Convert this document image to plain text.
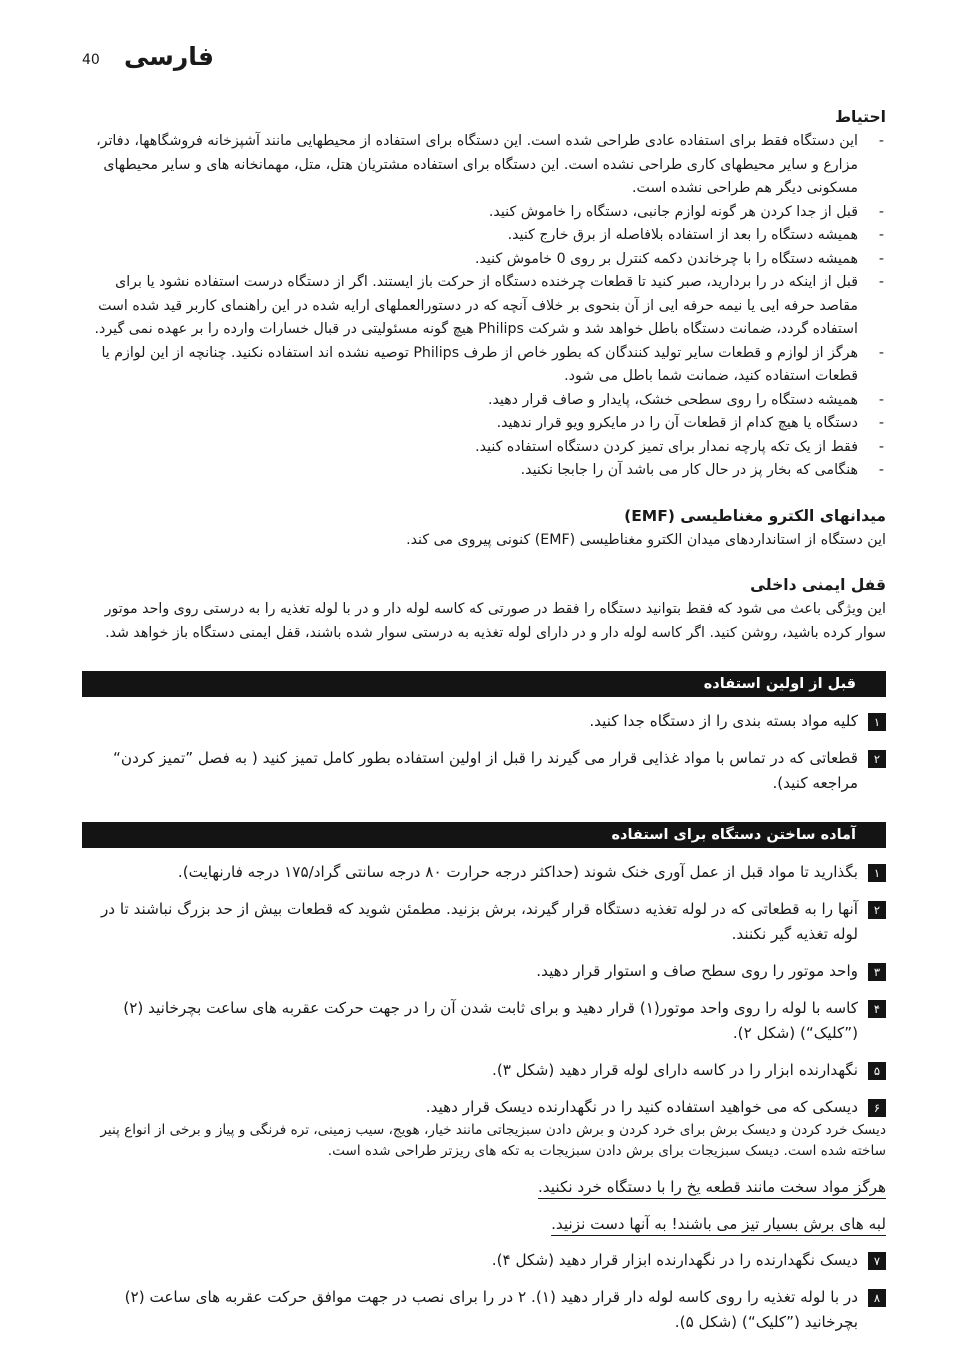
40 فارسی
احتیاط
-
این دستگاه فقط برای استفاده عادی طراحی شده است. این دستگاه برای استفاده از محیطهایی مانند آشپزخانه فروشگاهها، دفاتر، مزارع و سایر محیطهای کاری طراحی نشده است. این دستگاه برای استفاده مشتریان هتل، متل، مهمانخانه های و سایر محیطهای مسکونی دیگر هم طراحی نشده است.
-
قبل از جدا کردن هر گونه لوازم جانبی، دستگاه را خاموش کنید.
-
همیشه دستگاه را بعد از استفاده بلافاصله از برق خارج کنید.
-
همیشه دستگاه را با چرخاندن دکمه کنترل بر روی 0 خاموش کنید.
-
قبل از اینکه در را بردارید، صبر کنید تا قطعات چرخنده دستگاه از حرکت باز ایستند. اگر از دستگاه درست استفاده نشود یا برای مقاصد حرفه ایی یا نیمه حرفه ایی از آن بنحوی بر خلاف آنچه که در دستورالعملهای ارایه شده در این راهنمای کاربر قید شده است استفاده گردد، ضمانت دستگاه باطل خواهد شد و شرکت Philips هیچ گونه مسئولیتی در قبال خسارات وارده را بر عهده نمی گیرد.
-
هرگز از لوازم و قطعات سایر تولید کنندگان که بطور خاص از طرف Philips توصیه نشده اند استفاده نکنید. چنانچه از این لوازم یا قطعات استفاده کنید، ضمانت شما باطل می شود.
-
همیشه دستگاه را روی سطحی خشک، پایدار و صاف قرار دهید.
-
دستگاه یا هیچ کدام از قطعات آن را در مایکرو ویو قرار ندهید.
-
فقط از یک تکه پارچه نمدار برای تمیز کردن دستگاه استفاده کنید.
-
هنگامی که بخار پز در حال کار می باشد آن را جابجا نکنید.
میدانهای الکترو مغناطیسی (EMF)

این دستگاه از استانداردهای میدان الکترو مغناطیسی (EMF) کنونی پیروی می کند.

قفل ایمنی داخلی

این ویژگی باعث می شود که فقط بتوانید دستگاه را فقط در صورتی که کاسه لوله دار و در با لوله تغذیه را به درستی روی واحد موتور سوار کرده باشید، روشن کنید. اگر کاسه لوله دار و در دارای لوله تغذیه به درستی سوار شده باشند، قفل ایمنی دستگاه باز خواهد شد.

قبل از اولین استفاده
۱
کلیه مواد بسته بندی را از دستگاه جدا کنید.
۲
قطعاتی که در تماس با مواد غذایی قرار می گیرند را قبل از اولین استفاده بطور کامل تمیز کنید ( به فصل ”تمیز کردن“ مراجعه کنید).
آماده ساختن دستگاه برای استفاده
۱
بگذارید تا مواد قبل از عمل آوری خنک شوند (حداکثر درجه حرارت ۸۰ درجه سانتی گراد/۱۷۵ درجه فارنهایت).
۲
آنها را به قطعاتی که در لوله تغذیه دستگاه قرار گیرند، برش بزنید. مطمئن شوید که قطعات بیش از حد بزرگ نباشند تا در لوله تغذیه گیر نکنند.
۳
واحد موتور را روی سطح صاف و استوار قرار دهید.
۴
کاسه با لوله را روی واحد موتور(۱) قرار دهید و برای ثابت شدن آن را در جهت حرکت عقربه های ساعت بچرخانید (۲) (”کلیک“) (شکل ۲).
۵
نگهدارنده ابزار را در کاسه دارای لوله قرار دهید (شکل ۳).
۶
دیسکی که می خواهید استفاده کنید را در نگهدارنده دیسک قرار دهید.

دیسک خرد کردن و دیسک برش برای خرد کردن و برش دادن سبزیجاتی مانند خیار، هویج، سیب زمینی، تره فرنگی و پیاز و برخی از انواع پنیر ساخته شده است. دیسک سبزیجات برای برش دادن سبزیجات به تکه های ریزتر طراحی شده است.

هرگز مواد سخت مانند قطعه یخ را با دستگاه خرد نکنید.
لبه های برش بسیار تیز می باشند! به آنها دست نزنید.
۷
دیسک نگهدارنده را در نگهدارنده ابزار قرار دهید (شکل ۴).
۸
در با لوله تغذیه را روی کاسه لوله دار قرار دهید (۱). ۲ در را برای نصب در جهت موافق حرکت عقربه های ساعت (۲) بچرخانید (”کلیک“) (شکل ۵).
